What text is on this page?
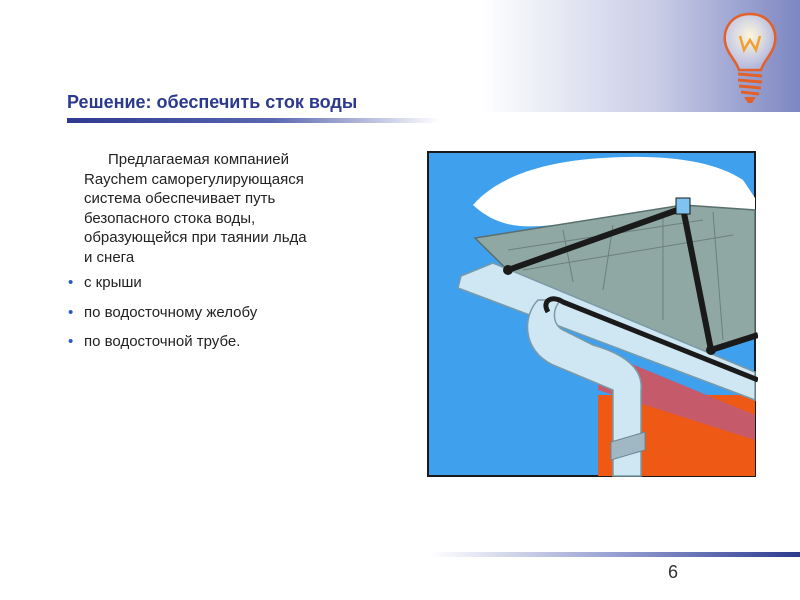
Решение: обеспечить сток воды
Предлагаемая компанией
Raychem саморегулирующаяся
система обеспечивает путь
безопасного стока воды,
образующейся при таянии льда
и снега
• с крыши
• по водосточному желобу
• по водосточной трубе.
6
